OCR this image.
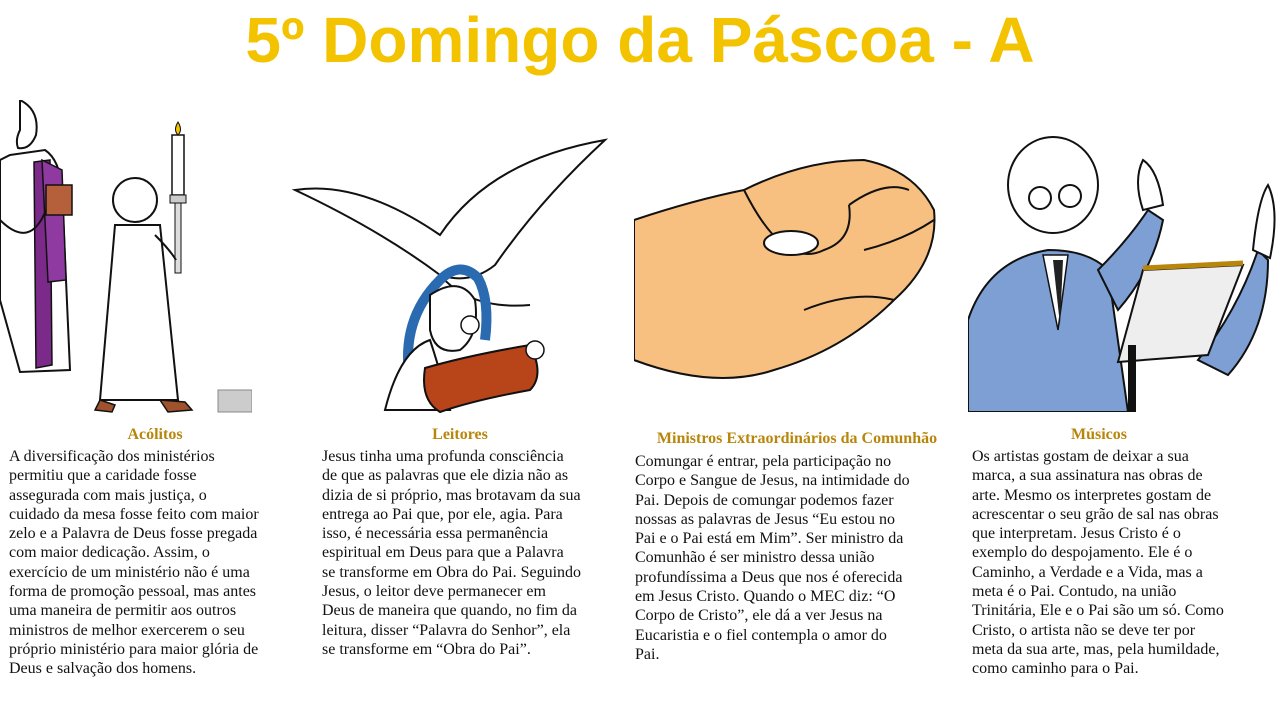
5º Domingo da Páscoa - A
Acólitos

A diversificação dos ministérios

permitiu que a caridade fosse

assegurada com mais justiça, o

cuidado da mesa fosse feito com maior

zelo e a Palavra de Deus fosse pregada

com maior dedicação. Assim, o

exercício de um ministério não é uma

forma de promoção pessoal, mas antes

uma maneira de permitir aos outros

ministros de melhor exercerem o seu

próprio ministério para maior glória de

Deus e salvação dos homens.

Leitores

Jesus tinha uma profunda consciência

de que as palavras que ele dizia não as

dizia de si próprio, mas brotavam da sua

entrega ao Pai que, por ele, agia. Para

isso, é necessária essa permanência

espiritual em Deus para que a Palavra

se transforme em Obra do Pai. Seguindo

Jesus, o leitor deve permanecer em

Deus de maneira que quando, no fim da

leitura, disser “Palavra do Senhor”, ela

se transforme em “Obra do Pai”.

Ministros Extraordinários da Comunhão

Comungar é entrar, pela participação no

Corpo e Sangue de Jesus, na intimidade do

Pai. Depois de comungar podemos fazer

nossas as palavras de Jesus “Eu estou no

Pai e o Pai está em Mim”. Ser ministro da

Comunhão é ser ministro dessa união

profundíssima a Deus que nos é oferecida

em Jesus Cristo. Quando o MEC diz: “O

Corpo de Cristo”, ele dá a ver Jesus na

Eucaristia e o fiel contempla o amor do

Pai.

Músicos

Os artistas gostam de deixar a sua

marca, a sua assinatura nas obras de

arte. Mesmo os interpretes gostam de

acrescentar o seu grão de sal nas obras

que interpretam. Jesus Cristo é o

exemplo do despojamento. Ele é o

Caminho, a Verdade e a Vida, mas a

meta é o Pai. Contudo, na união

Trinitária, Ele e o Pai são um só. Como

Cristo, o artista não se deve ter por

meta da sua arte, mas, pela humildade,

como caminho para o Pai.
